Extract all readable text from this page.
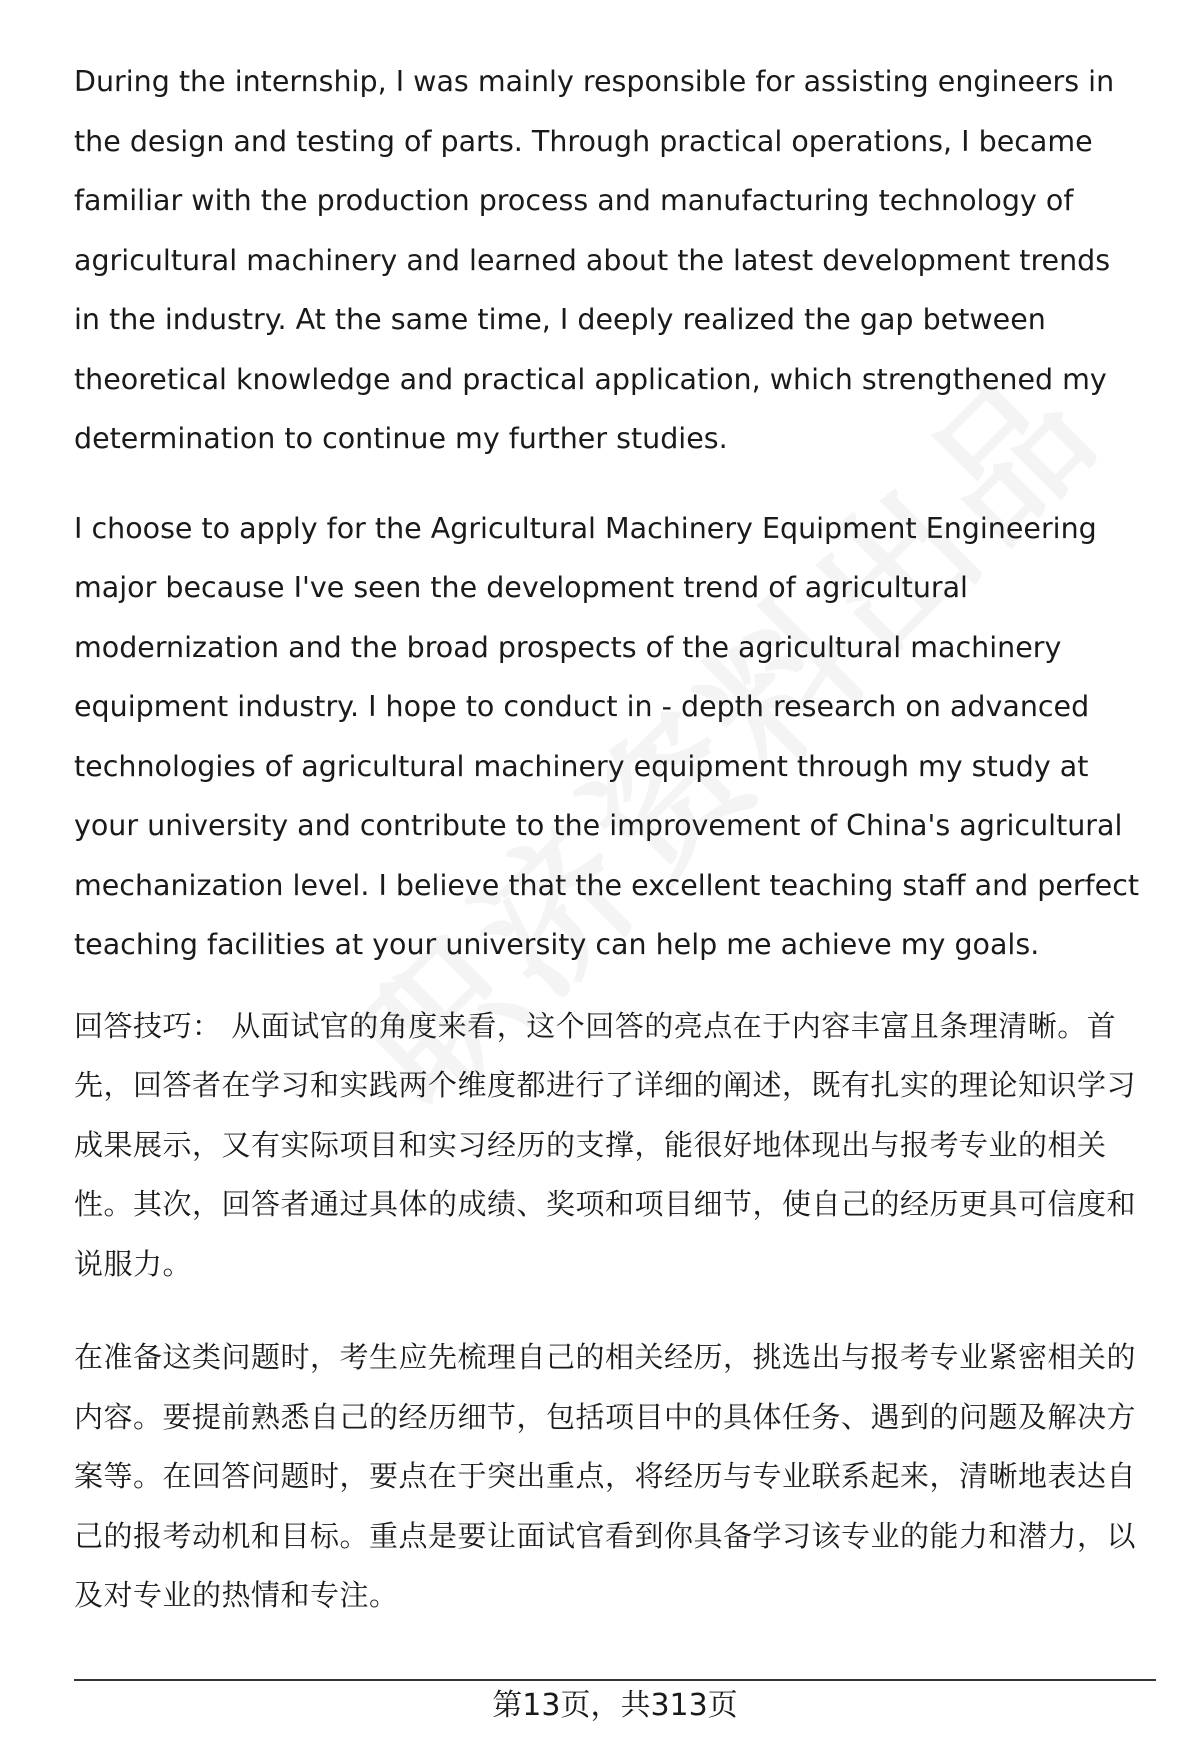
During the internship, I was mainly responsible for assisting engineers in the design and testing of parts. Through practical operations, I became familiar with the production process and manufacturing technology of agricultural machinery and learned about the latest development trends in the industry. At the same time, I deeply realized the gap between theoretical knowledge and practical application, which strengthened my determination to continue my further studies.

I choose to apply for the Agricultural Machinery Equipment Engineering major because I've seen the development trend of agricultural modernization and the broad prospects of the agricultural machinery equipment industry. I hope to conduct in - depth research on advanced technologies of agricultural machinery equipment through my study at your university and contribute to the improvement of China's agricultural mechanization level. I believe that the excellent teaching staff and perfect teaching facilities at your university can help me achieve my goals.

回答技巧： 从面试官的角度来看，这个回答的亮点在于内容丰富且条理清晰。首先，回答者在学习和实践两个维度都进行了详细的阐述，既有扎实的理论知识学习成果展示，又有实际项目和实习经历的支撑，能很好地体现出与报考专业的相关性。其次，回答者通过具体的成绩、奖项和项目细节，使自己的经历更具可信度和说服力。

在准备这类问题时，考生应先梳理自己的相关经历，挑选出与报考专业紧密相关的内容。要提前熟悉自己的经历细节，包括项目中的具体任务、遇到的问题及解决方案等。在回答问题时，要点在于突出重点，将经历与专业联系起来，清晰地表达自己的报考动机和目标。重点是要让面试官看到你具备学习该专业的能力和潜力，以及对专业的热情和专注。

第13页，共313页
